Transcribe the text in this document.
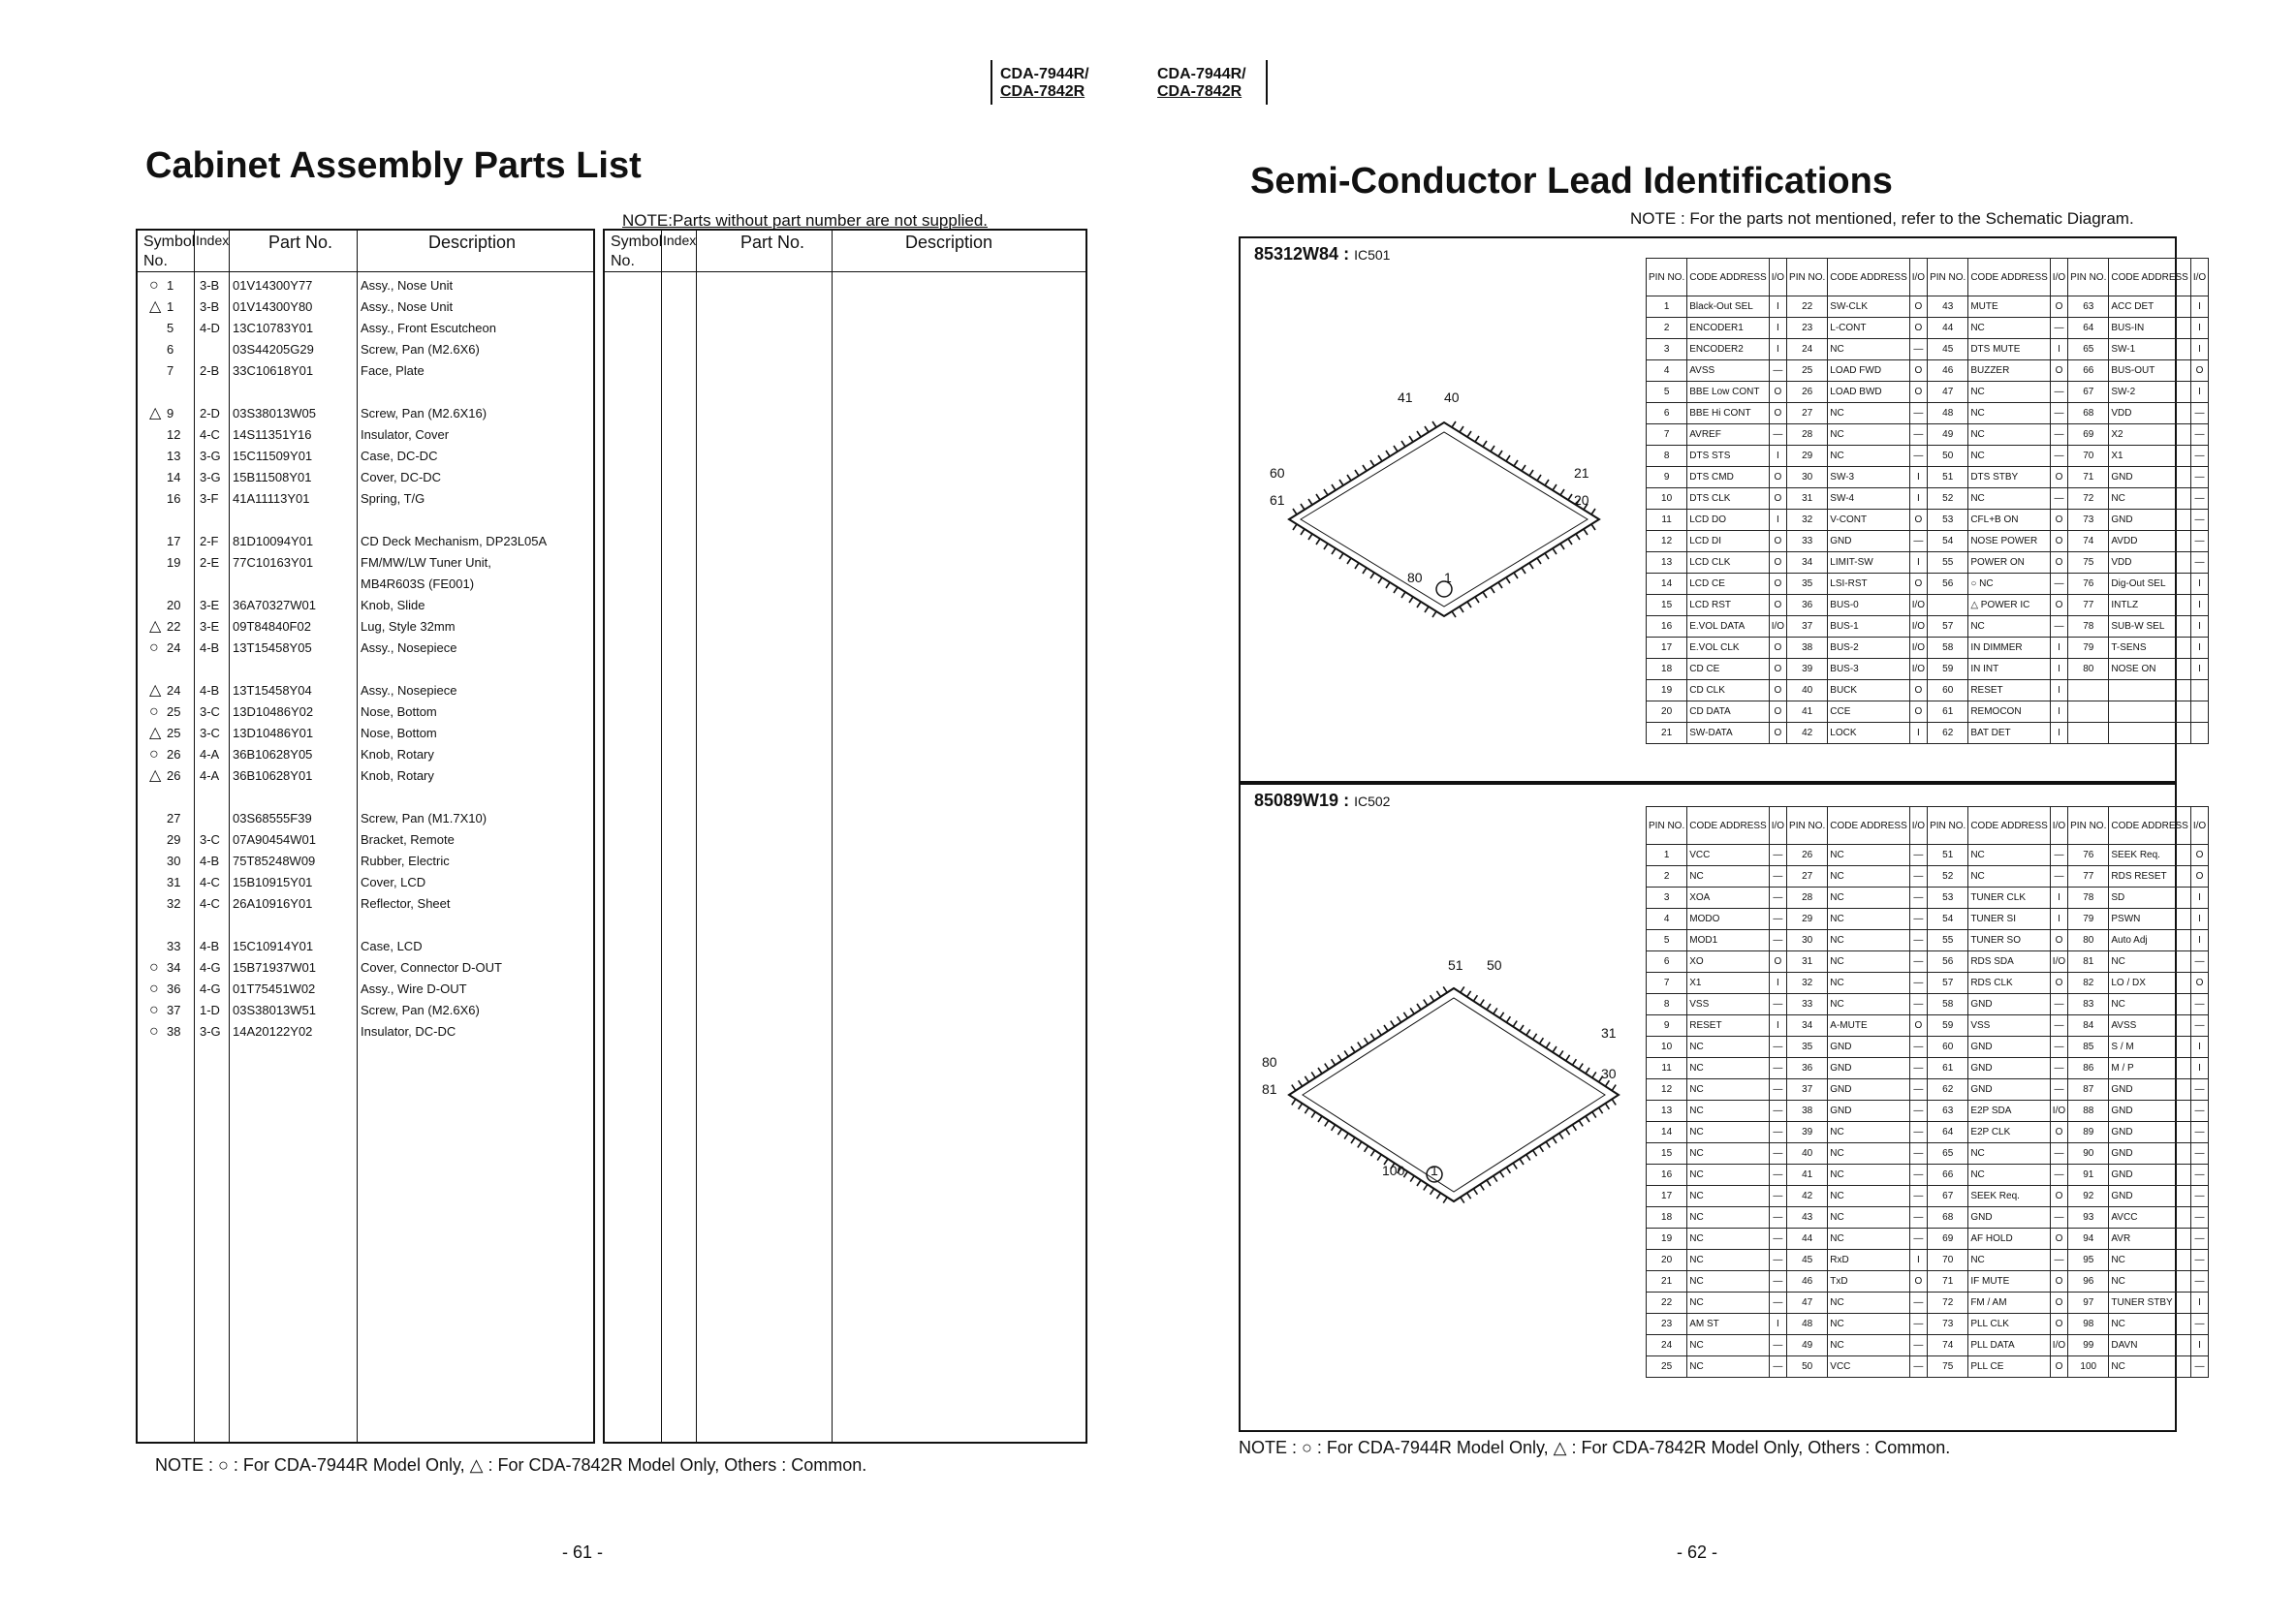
CDA-7944R/
CDA-7842R
CDA-7944R/
CDA-7842R
Cabinet Assembly Parts List
NOTE:Parts without part number are not supplied.
Symbol No.
Index Part No.	Description
○ 1 3-B 01V14300Y77	Assy., Nose Unit
△ 1 3-B 01V14300Y80	Assy., Nose Unit
5 4-D 13C10783Y01	Assy., Front Escutcheon
6	03S44205G29	Screw, Pan (M2.6X6)
7 2-B 33C10618Y01	Face, Plate
△ 9 2-D 03S38013W05	Screw, Pan (M2.6X16)
12 4-C 14S11351Y16	Insulator, Cover
13 3-G 15C11509Y01	Case, DC-DC
14 3-G 15B11508Y01	Cover, DC-DC
16 3-F 41A11113Y01	Spring, T/G
17 2-F 81D10094Y01	CD Deck Mechanism, DP23L05A
19 2-E 77C10163Y01	FM/MW/LW Tuner Unit,
MB4R603S (FE001)
20 3-E 36A70327W01	Knob, Slide
△ 22 3-E 09T84840F02	Lug, Style 32mm
○ 24 4-B 13T15458Y05	Assy., Nosepiece
△ 24 4-B 13T15458Y04	Assy., Nosepiece
○ 25 3-C 13D10486Y02	Nose, Bottom
△ 25 3-C 13D10486Y01	Nose, Bottom
○ 26 4-A 36B10628Y05	Knob, Rotary
△ 26 4-A 36B10628Y01	Knob, Rotary
27	03S68555F39	Screw, Pan (M1.7X10)
29 3-C 07A90454W01	Bracket, Remote
30 4-B 75T85248W09	Rubber, Electric
31 4-C 15B10915Y01	Cover, LCD
32 4-C 26A10916Y01	Reflector, Sheet
33 4-B 15C10914Y01	Case, LCD
○ 34 4-G 15B71937W01	Cover, Connector D-OUT
○ 36 4-G 01T75451W02	Assy., Wire D-OUT
○ 37 1-D 03S38013W51	Screw, Pan (M2.6X6)
○ 38 3-G 14A20122Y02	Insulator, DC-DC
Symbol No.
Index	Part No.	Description
NOTE : ○ : For CDA-7944R Model Only, △ : For CDA-7842R Model Only, Others : Common.
- 61 -
Semi-Conductor Lead Identifications
NOTE : For the parts not mentioned, refer to the Schematic Diagram.
85312W84 : IC501
41 40
60
61
21
20
80 1
PIN NO.	CODE ADDRESS	I/O	PIN NO.	CODE ADDRESS	I/O	PIN NO.	CODE ADDRESS	I/O	PIN NO.	CODE ADDRESS	I/O
1	Black-Out SEL	I	22	SW-CLK	O	43	MUTE	O	63	ACC DET	I
2	ENCODER1	I	23	L-CONT	O	44	NC	—	64	BUS-IN	I
3	ENCODER2	I	24	NC	—	45	DTS MUTE	I	65	SW-1	I
4	AVSS	—	25	LOAD FWD	O	46	BUZZER	O	66	BUS-OUT	O
5	BBE Low CONT	O	26	LOAD BWD	O	47	NC	—	67	SW-2	I
6	BBE Hi CONT	O	27	NC	—	48	NC	—	68	VDD	—
7	AVREF	—	28	NC	—	49	NC	—	69	X2	—
8	DTS STS	I	29	NC	—	50	NC	—	70	X1	—
9	DTS CMD	O	30	SW-3	I	51	DTS STBY	O	71	GND	—
10	DTS CLK	O	31	SW-4	I	52	NC	—	72	NC	—
11	LCD DO	I	32	V-CONT	O	53	CFL+B ON	O	73	GND	—
12	LCD DI	O	33	GND	—	54	NOSE POWER	O	74	AVDD	—
13	LCD CLK	O	34	LIMIT-SW	I	55	POWER ON	O	75	VDD	—
14	LCD CE	O	35	LSI-RST	O	56	○ NC	—	76	Dig-Out SEL	I
15	LCD RST	O	36	BUS-0	I/O		△ POWER IC	O	77	INTLZ	I
16	E.VOL DATA	I/O	37	BUS-1	I/O	57	NC	—	78	SUB-W SEL	I
17	E.VOL CLK	O	38	BUS-2	I/O	58	IN DIMMER	I	79	T-SENS	I
18	CD CE	O	39	BUS-3	I/O	59	IN INT	I	80	NOSE ON	I
19	CD CLK	O	40	BUCK	O	60	RESET	I			
20	CD DATA	O	41	CCE	O	61	REMOCON	I			
21	SW-DATA	O	42	LOCK	I	62	BAT DET	I			
85089W19 : IC502
51 50
80
81
31
30
100 1
PIN NO.	CODE ADDRESS	I/O	PIN NO.	CODE ADDRESS	I/O	PIN NO.	CODE ADDRESS	I/O	PIN NO.	CODE ADDRESS	I/O
1	VCC	—	26	NC	—	51	NC	—	76	SEEK Req.	O
2	NC	—	27	NC	—	52	NC	—	77	RDS RESET	O
3	XOA	—	28	NC	—	53	TUNER CLK	I	78	SD	I
4	MODO	—	29	NC	—	54	TUNER SI	I	79	PSWN	I
5	MOD1	—	30	NC	—	55	TUNER SO	O	80	Auto Adj	I
6	XO	O	31	NC	—	56	RDS SDA	I/O	81	NC	—
7	X1	I	32	NC	—	57	RDS CLK	O	82	LO / DX	O
8	VSS	—	33	NC	—	58	GND	—	83	NC	—
9	RESET	I	34	A-MUTE	O	59	VSS	—	84	AVSS	—
10	NC	—	35	GND	—	60	GND	—	85	S / M	I
11	NC	—	36	GND	—	61	GND	—	86	M / P	I
12	NC	—	37	GND	—	62	GND	—	87	GND	—
13	NC	—	38	GND	—	63	E2P SDA	I/O	88	GND	—
14	NC	—	39	NC	—	64	E2P CLK	O	89	GND	—
15	NC	—	40	NC	—	65	NC	—	90	GND	—
16	NC	—	41	NC	—	66	NC	—	91	GND	—
17	NC	—	42	NC	—	67	SEEK Req.	O	92	GND	—
18	NC	—	43	NC	—	68	GND	—	93	AVCC	—
19	NC	—	44	NC	—	69	AF HOLD	O	94	AVR	—
20	NC	—	45	RxD	I	70	NC	—	95	NC	—
21	NC	—	46	TxD	O	71	IF MUTE	O	96	NC	—
22	NC	—	47	NC	—	72	FM / AM	O	97	TUNER STBY	I
23	AM ST	I	48	NC	—	73	PLL CLK	O	98	NC	—
24	NC	—	49	NC	—	74	PLL DATA	I/O	99	DAVN	I
25	NC	—	50	VCC	—	75	PLL CE	O	100	NC	—
NOTE : ○ : For CDA-7944R Model Only, △ : For CDA-7842R Model Only, Others : Common.
- 62 -
